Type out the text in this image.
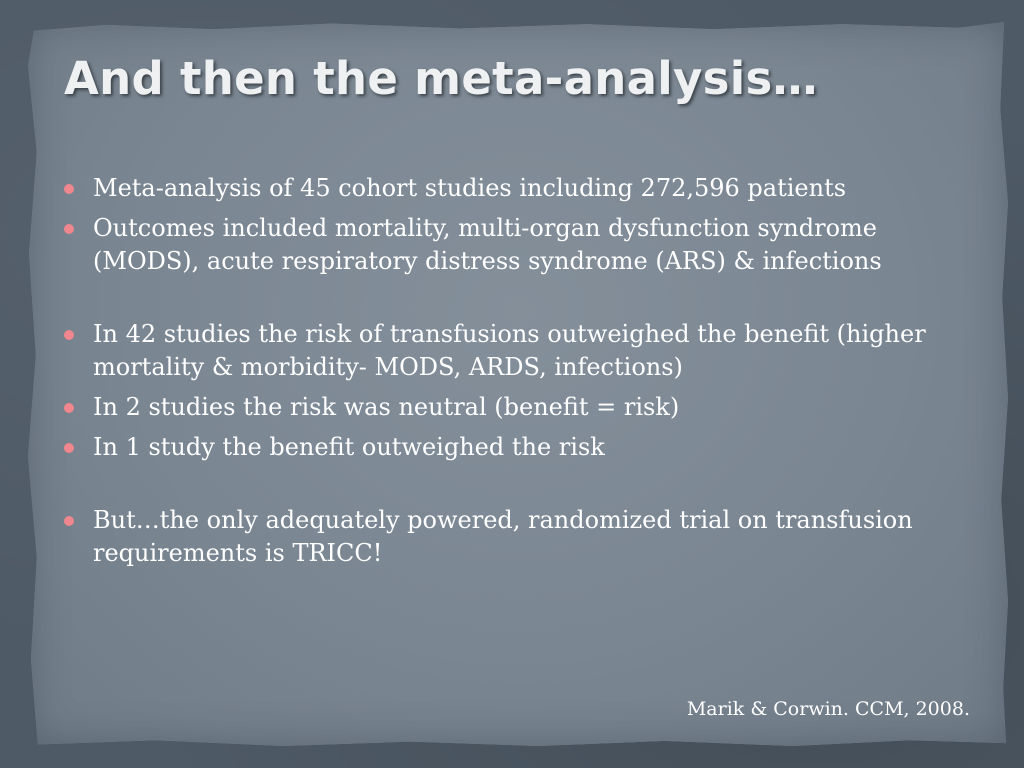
And then the meta-analysis…
Meta-analysis of 45 cohort studies including 272,596 patients
Outcomes included mortality, multi-organ dysfunction syndrome (MODS), acute respiratory distress syndrome (ARS) & infections
In 42 studies the risk of transfusions outweighed the benefit (higher mortality & morbidity- MODS, ARDS, infections)
In 2 studies the risk was neutral (benefit = risk)
In 1 study the benefit outweighed the risk
But…the only adequately powered, randomized trial on transfusion requirements is TRICC!
Marik & Corwin. CCM, 2008.
